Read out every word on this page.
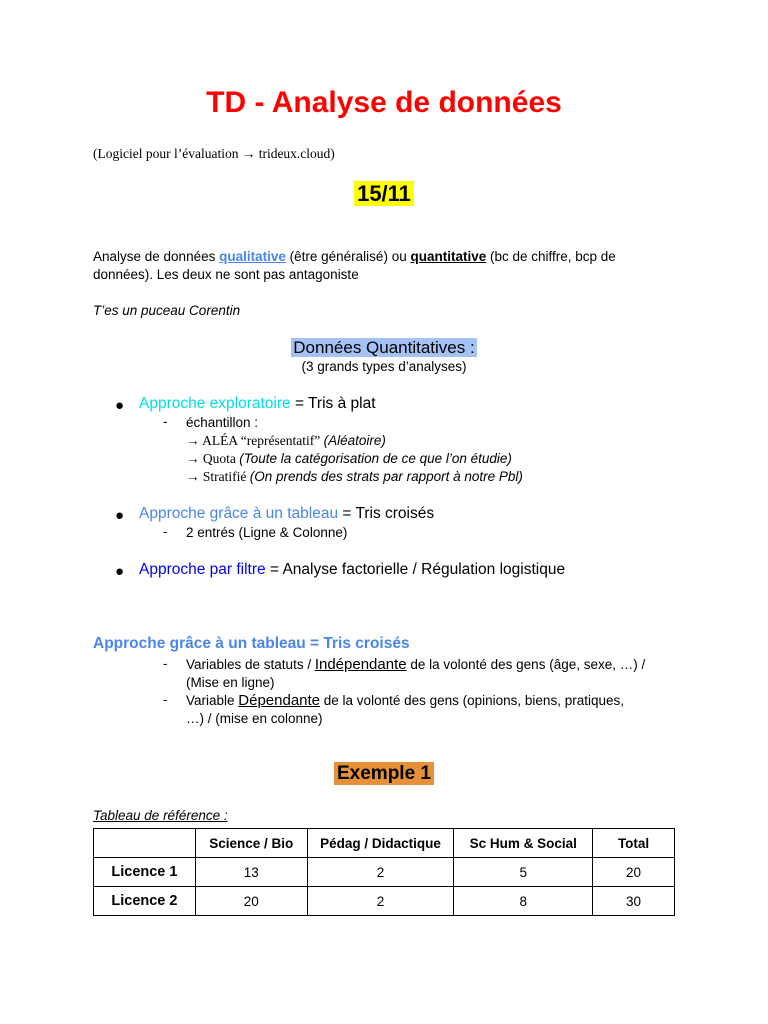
TD - Analyse de données
(Logiciel pour l’évaluation → trideux.cloud)
15/11
Analyse de données qualitative (être généralisé) ou quantitative (bc de chiffre, bcp de
données). Les deux ne sont pas antagoniste
T’es un puceau Corentin
Données Quantitatives :
(3 grands types d’analyses)
● Approche exploratoire = Tris à plat
- échantillon :
→ ALÉA “représentatif” (Aléatoire)
→ Quota (Toute la catégorisation de ce que l’on étudie)
→ Stratifié (On prends des strats par rapport à notre Pbl)
● Approche grâce à un tableau = Tris croisés
- 2 entrés (Ligne & Colonne)
● Approche par filtre = Analyse factorielle / Régulation logistique
Approche grâce à un tableau = Tris croisés
- Variables de statuts / Indépendante de la volonté des gens (âge, sexe, …) /
(Mise en ligne)
- Variable Dépendante de la volonté des gens (opinions, biens, pratiques,
…) / (mise en colonne)
Exemple 1
Tableau de référence :
	Science / Bio	Pédag / Didactique	Sc Hum & Social	Total
Licence 1	13	2	5	20
Licence 2	20	2	8	30
